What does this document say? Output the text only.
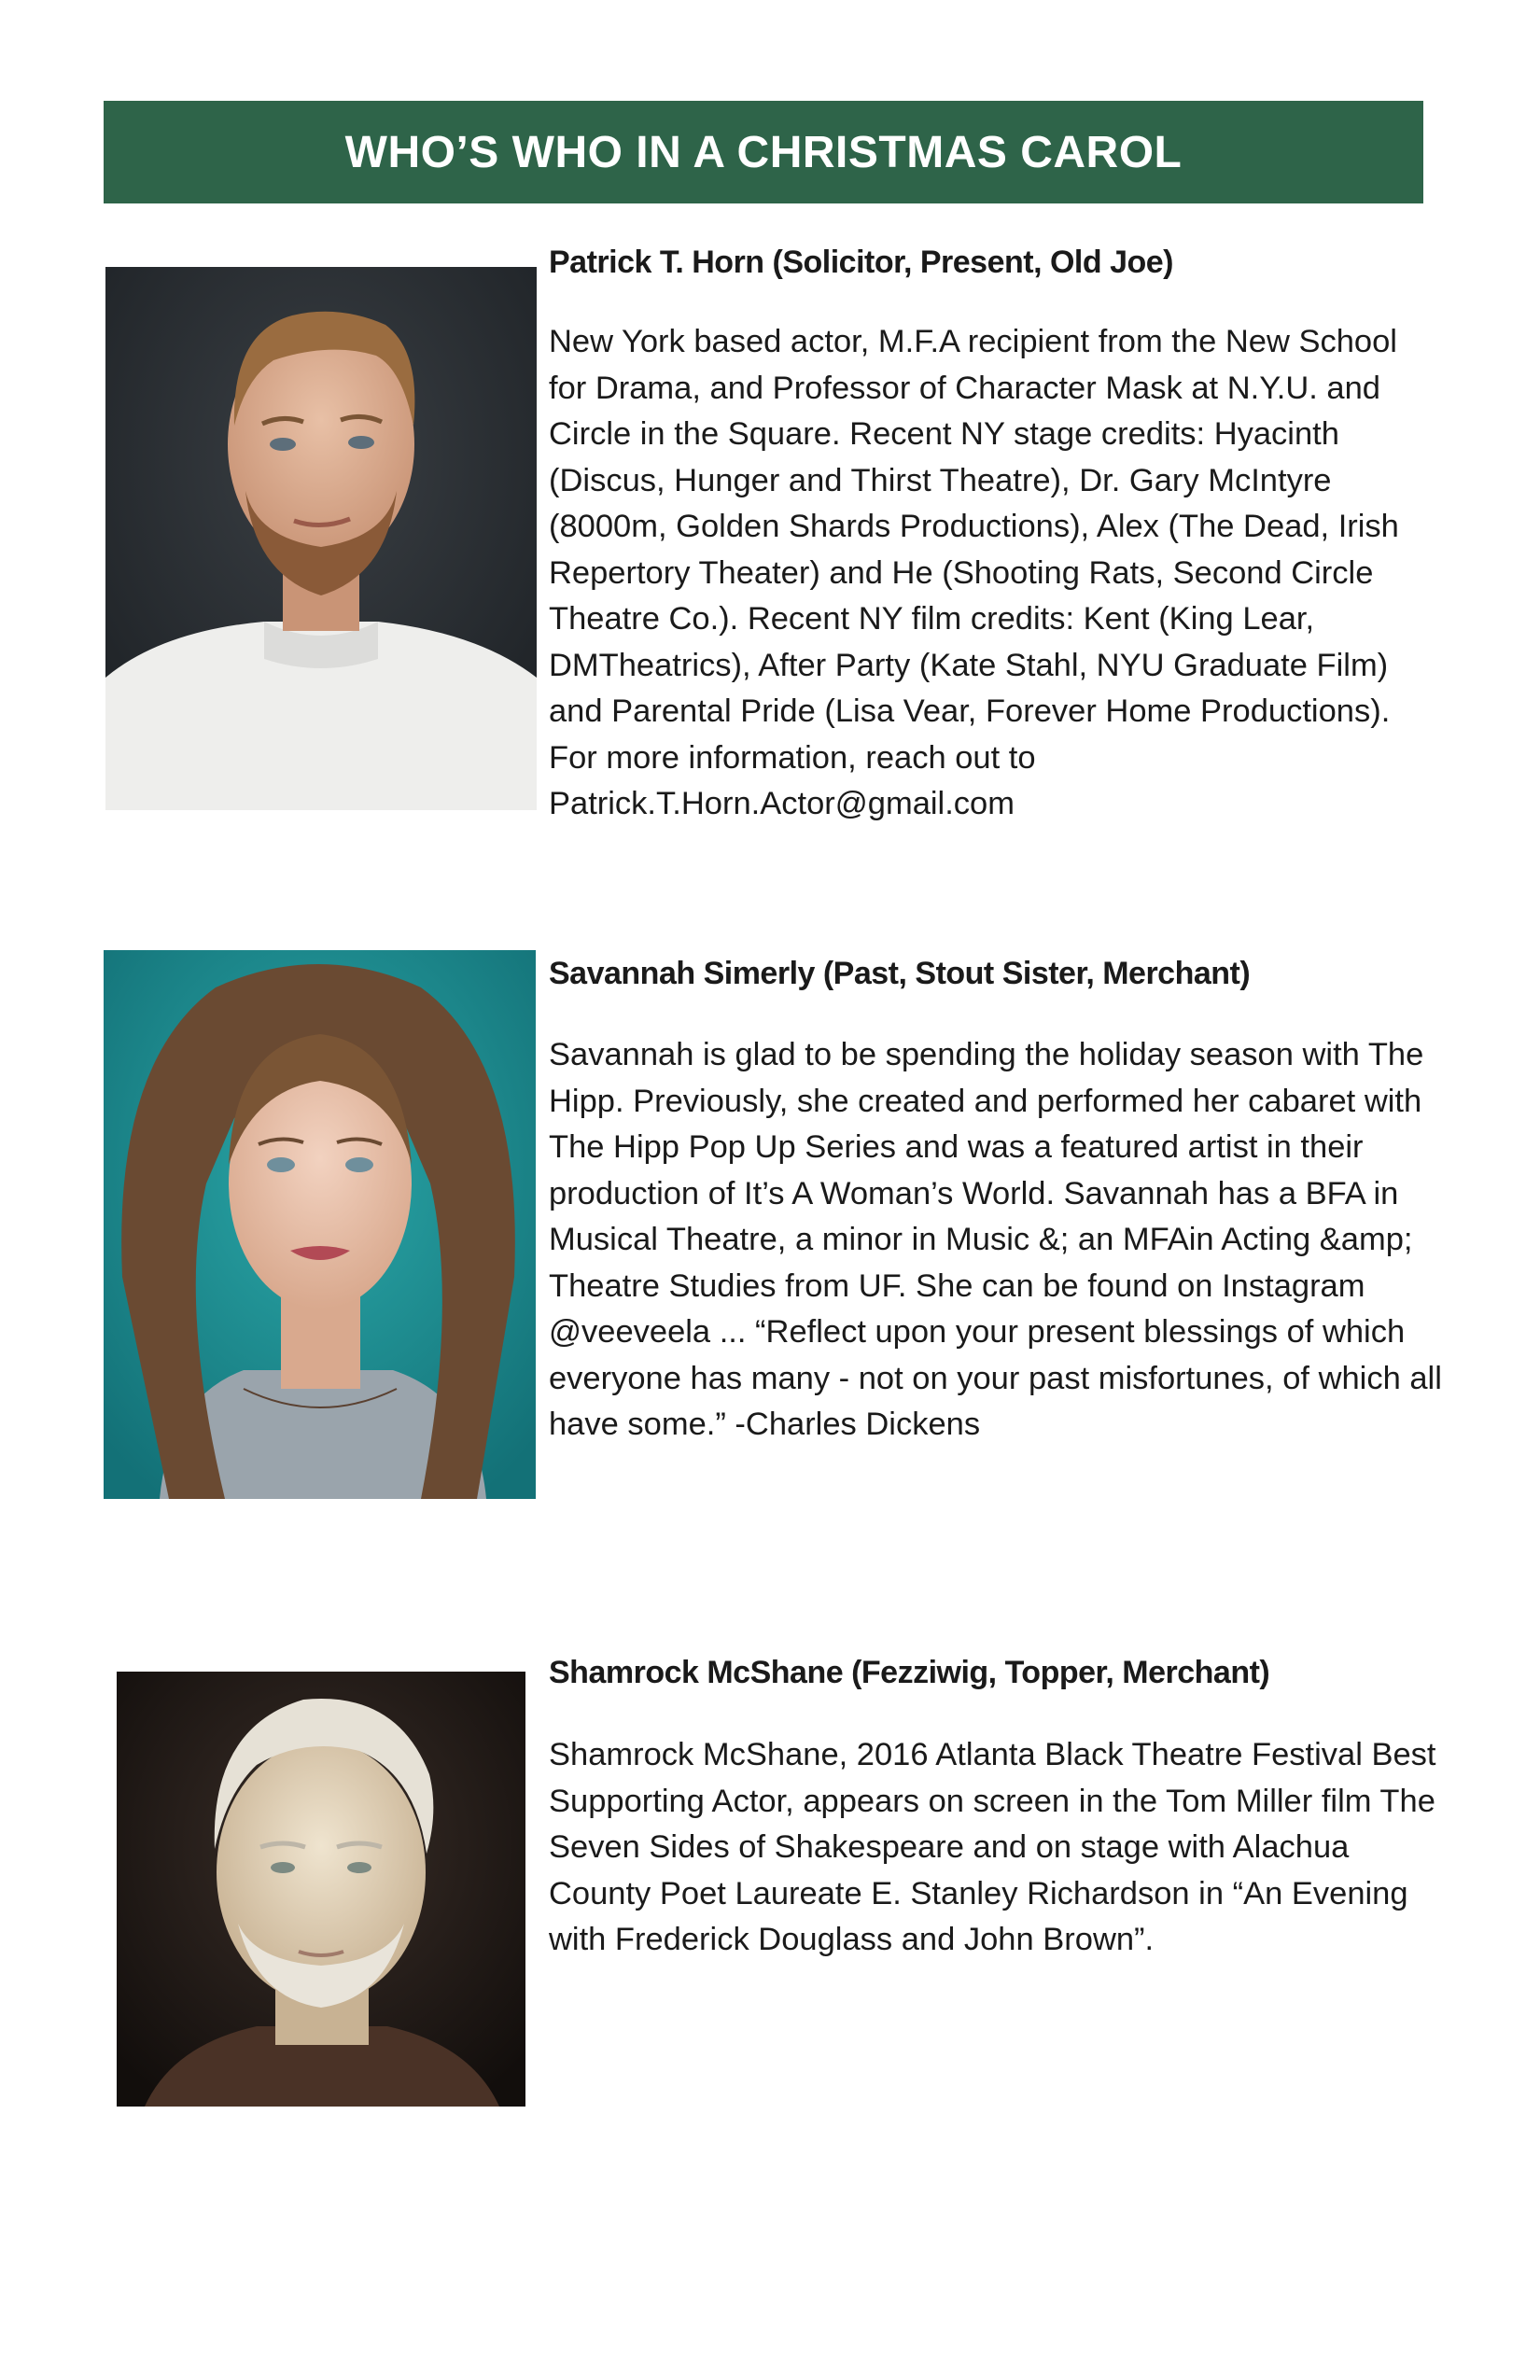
WHO’S WHO IN A CHRISTMAS CAROL

Patrick T. Horn (Solicitor, Present, Old Joe)

New York based actor, M.F.A recipient from the New School for Drama, and Professor of Character Mask at N.Y.U. and Circle in the Square. Recent NY stage credits: Hyacinth (Discus, Hunger and Thirst Theatre), Dr. Gary McIntyre (8000m, Golden Shards Productions), Alex (The Dead, Irish Repertory Theater) and He (Shooting Rats, Second Circle Theatre Co.). Recent NY film credits: Kent (King Lear, DMTheatrics), After Party (Kate Stahl, NYU Graduate Film) and Parental Pride (Lisa Vear, Forever Home Productions). For more information, reach out to Patrick.T.Horn.Actor@gmail.com

Savannah Simerly (Past, Stout Sister, Merchant)

Savannah is glad to be spending the holiday season with The Hipp. Previously, she created and performed her cabaret with The Hipp Pop Up Series and was a featured artist in their production of It’s A Woman’s World. Savannah has a BFA in Musical Theatre, a minor in Music &; an MFAin Acting &amp; Theatre Studies from UF. She can be found on Instagram @veeveela ... “Reflect upon your present blessings of which everyone has many - not on your past misfortunes, of which all have some.” -Charles Dickens

Shamrock McShane (Fezziwig, Topper, Merchant)

Shamrock McShane, 2016 Atlanta Black Theatre Festival Best Supporting Actor, appears on screen in the Tom Miller film The Seven Sides of Shakespeare and on stage with Alachua County Poet Laureate E. Stanley Richardson in “An Evening with Frederick Douglass and John Brown”.
